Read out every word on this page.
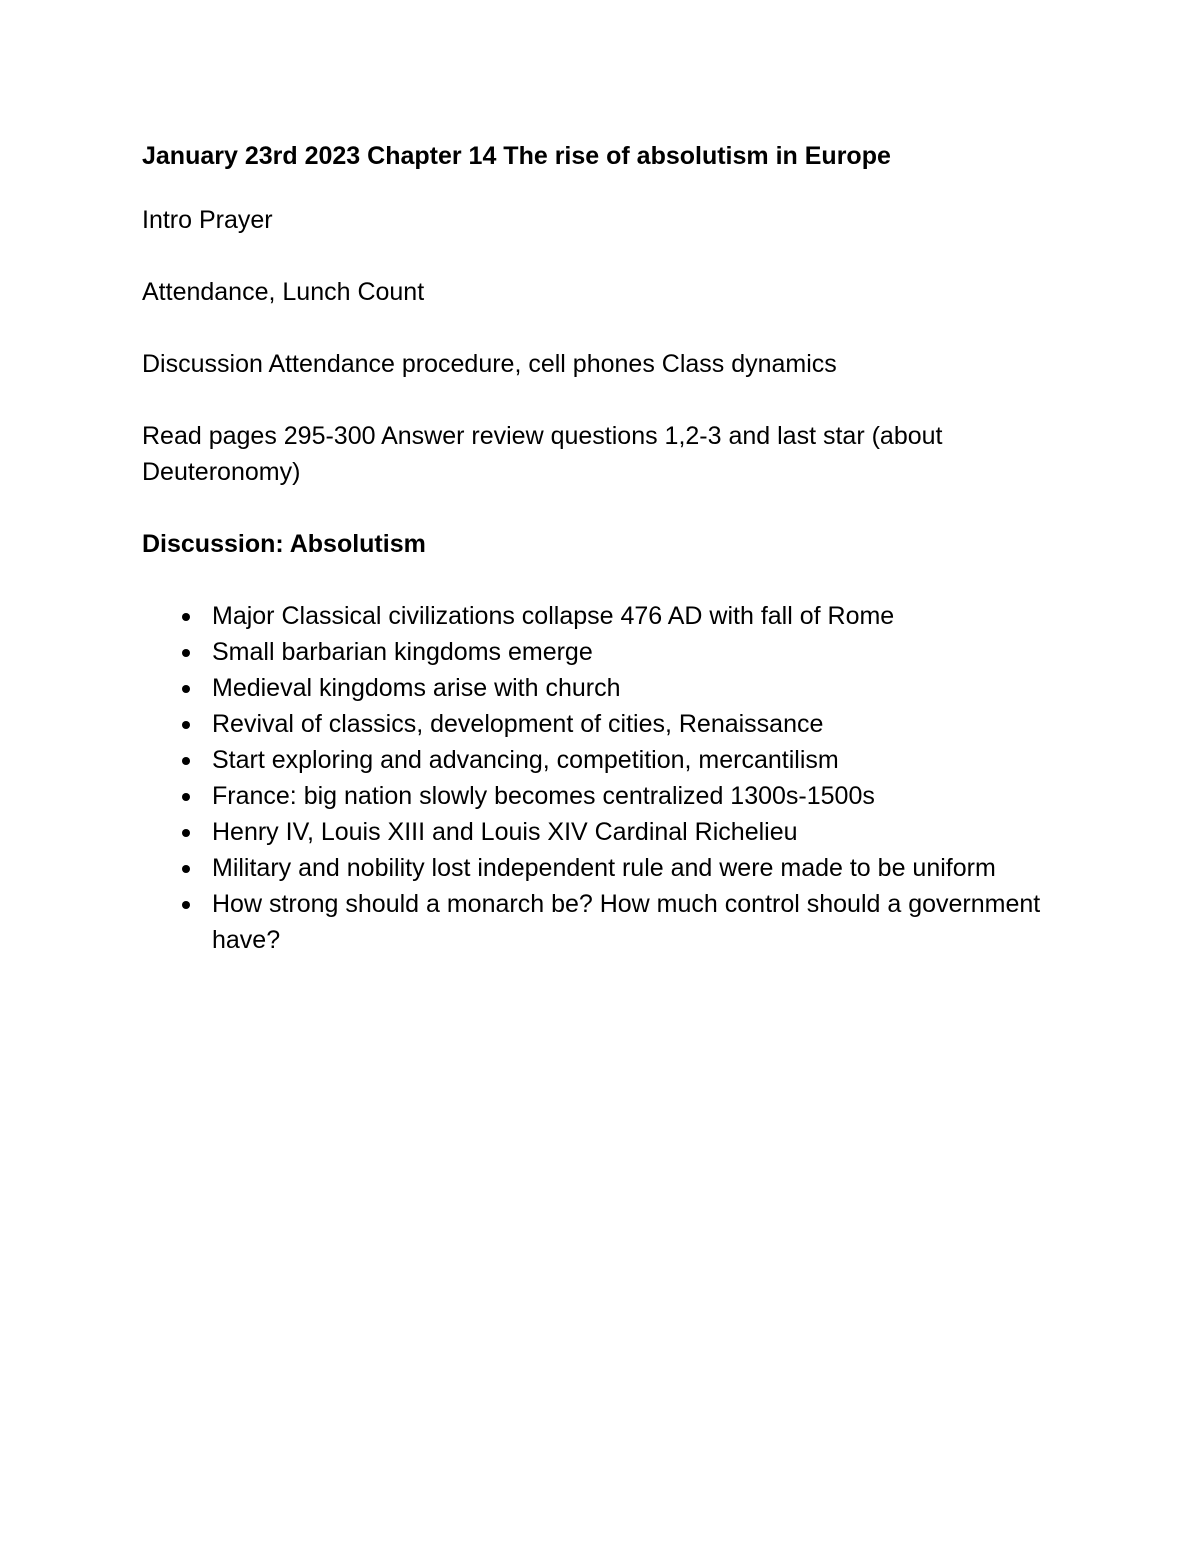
January 23rd 2023 Chapter 14 The rise of absolutism in Europe

Intro Prayer

Attendance, Lunch Count

Discussion Attendance procedure, cell phones Class dynamics

Read pages 295-300 Answer review questions 1,2-3 and last star (about Deuteronomy)

Discussion: Absolutism

Major Classical civilizations collapse 476 AD with fall of Rome
Small barbarian kingdoms emerge
Medieval kingdoms arise with church
Revival of classics, development of cities, Renaissance
Start exploring and advancing, competition, mercantilism
France: big nation slowly becomes centralized 1300s-1500s
Henry IV, Louis XIII and Louis XIV Cardinal Richelieu
Military and nobility lost independent rule and were made to be uniform
How strong should a monarch be? How much control should a government have?
